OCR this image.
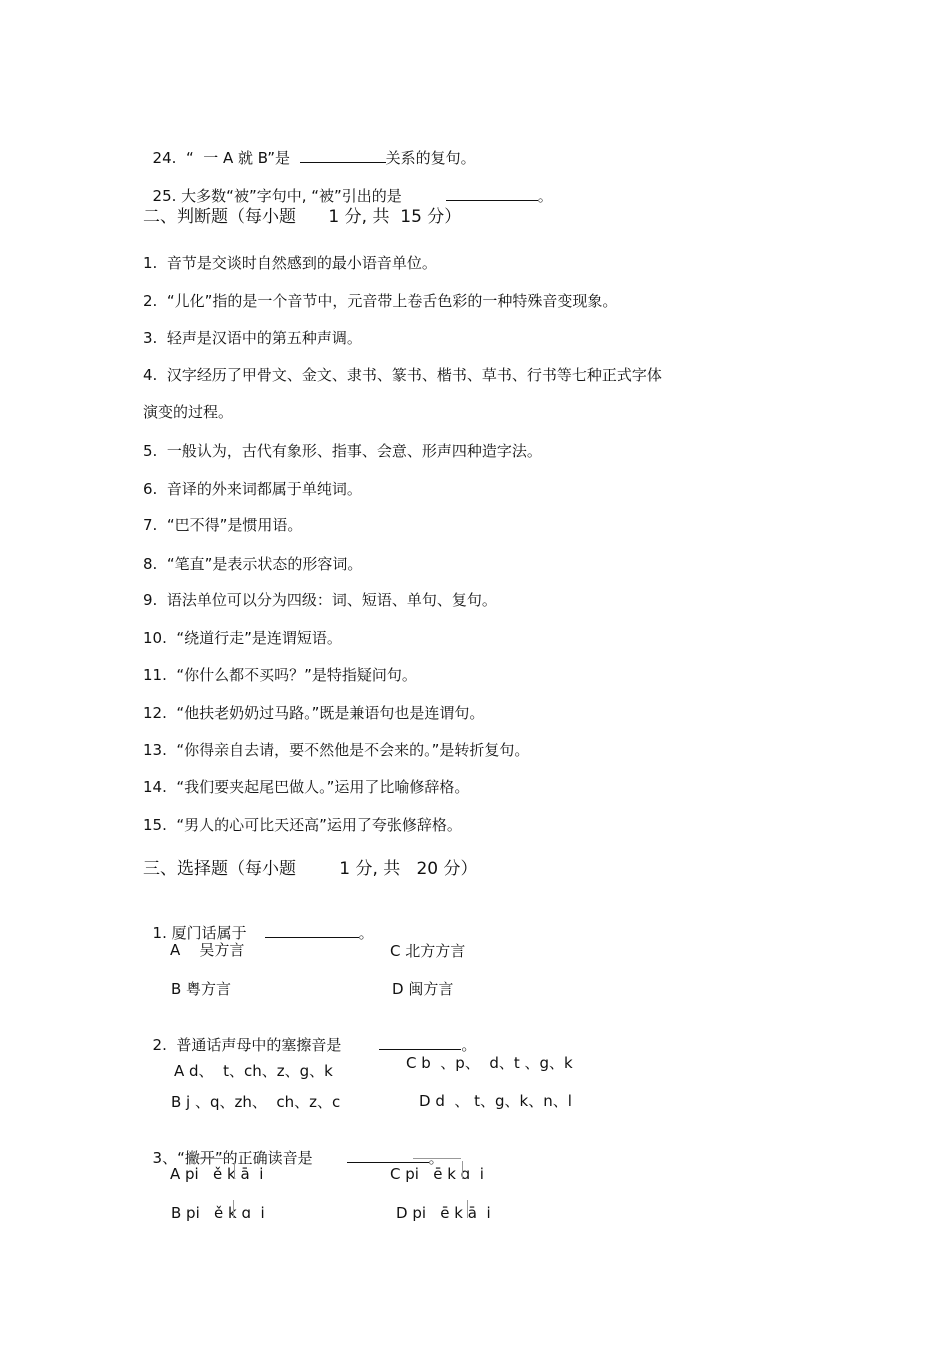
24.  “  一 A 就 B”是	关系的复句。

25. 大多数“被”字句中, “被”引出的是	。

二、判断题（每小题      1 分, 共  15 分）
1.  音节是交谈时自然感到的最小语音单位。
2.  “儿化”指的是一个音节中，元音带上卷舌色彩的一种特殊音变现象。
3.  轻声是汉语中的第五种声调。
4.  汉字经历了甲骨文、金文、隶书、篆书、楷书、草书、行书等七种正式字体
演变的过程。
5.  一般认为，古代有象形、指事、会意、形声四种造字法。
6.  音译的外来词都属于单纯词。
7.  “巴不得”是惯用语。
8.  “笔直”是表示状态的形容词。
9.  语法单位可以分为四级：词、短语、单句、复句。
10.  “绕道行走”是连谓短语。
11.  “你什么都不买吗？”是特指疑问句。
12.  “他扶老奶奶过马路。”既是兼语句也是连谓句。
13.  “你得亲自去请，要不然他是不会来的。”是转折复句。
14.  “我们要夹起尾巴做人。”运用了比喻修辞格。
15.  “男人的心可比天还高”运用了夸张修辞格。
三、选择题（每小题        1 分, 共   20 分）

1. 厦门话属于	。

A    吴方言	C 北方方言
B 粤方言	D 闽方言

2.  普通话声母中的塞擦音是	。

A d、  t、ch、z、g、k	C b  、p、  d、t 、g、k
B j 、q、zh、  ch、z、c	D d  、 t、g、k、n、l

3、“撇开”的正确读音是	。

A pi   ě k ā  i	C pi   ē k ɑ  i
B pi   ě k ɑ  i	D pi   ē k ā  i
